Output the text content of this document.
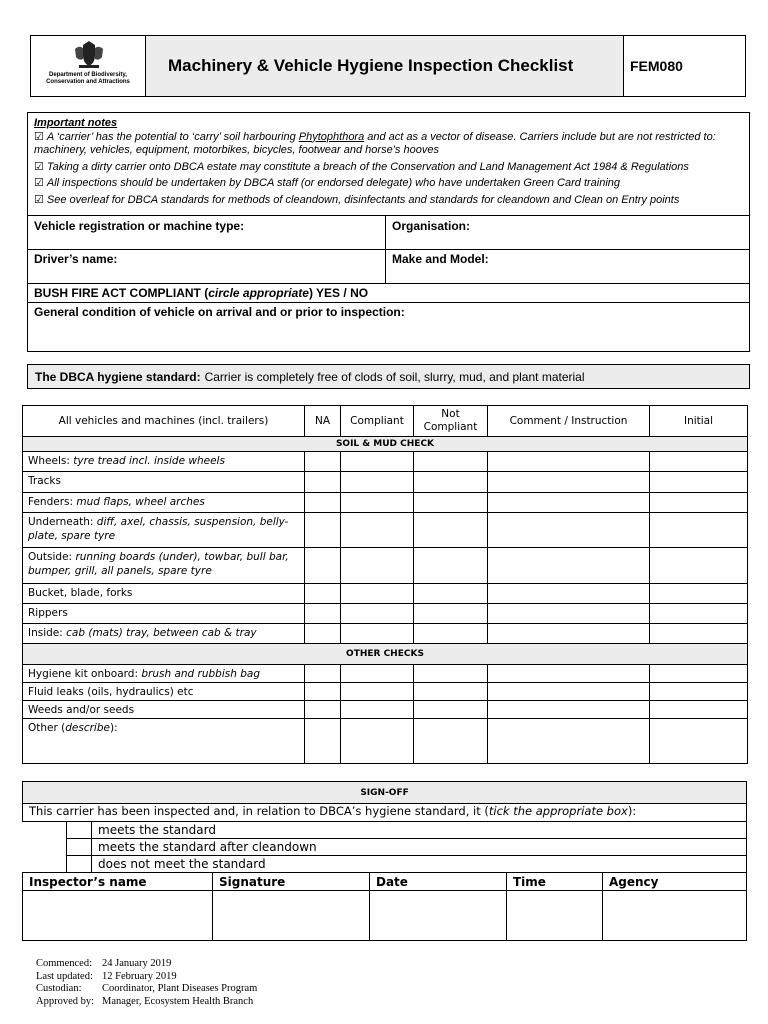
Department of Biodiversity, Conservation and Attractions
Machinery & Vehicle Hygiene Inspection Checklist	FEM080
Important notes

☑ A ‘carrier’ has the potential to ‘carry’ soil harbouring Phytophthora and act as a vector of disease. Carriers include but are not restricted to: machinery, vehicles, equipment, motorbikes, bicycles, footwear and horse’s hooves

☑ Taking a dirty carrier onto DBCA estate may constitute a breach of the Conservation and Land Management Act 1984 & Regulations

☑ All inspections should be undertaken by DBCA staff (or endorsed delegate) who have undertaken Green Card training

☑ See overleaf for DBCA standards for methods of cleandown, disinfectants and standards for cleandown and Clean on Entry points

Vehicle registration or machine type:	Organisation:
Driver’s name:	Make and Model:
BUSH FIRE ACT COMPLIANT (circle appropriate) YES / NO
General condition of vehicle on arrival and or prior to inspection:
The DBCA hygiene standard: Carrier is completely free of clods of soil, slurry, mud, and plant material
All vehicles and machines (incl. trailers)	NA	Compliant	Not Compliant	Comment / Instruction	Initial
SOIL & MUD CHECK					
Wheels: tyre tread incl. inside wheels					
Tracks					
Fenders: mud flaps, wheel arches					
Underneath: diff, axel, chassis, suspension, belly-plate, spare tyre					
Outside: running boards (under), towbar, bull bar, bumper, grill, all panels, spare tyre					
Bucket, blade, forks					
Rippers					
Inside: cab (mats) tray, between cab & tray					
OTHER CHECKS					
Hygiene kit onboard: brush and rubbish bag					
Fluid leaks (oils, hydraulics) etc					
Weeds and/or seeds					
Other (describe):					
SIGN-OFF						
This carrier has been inspected and, in relation to DBCA’s hygiene standard, it (tick the appropriate box):						
		meets the standard				
		meets the standard after cleandown				
		does not meet the standard				
Inspector’s name			Signature	Date	Time	Agency

Commenced: 24 January 2019
Last updated: 12 February 2019
Custodian:	Coordinator, Plant Diseases Program
Approved by: Manager, Ecosystem Health Branch
